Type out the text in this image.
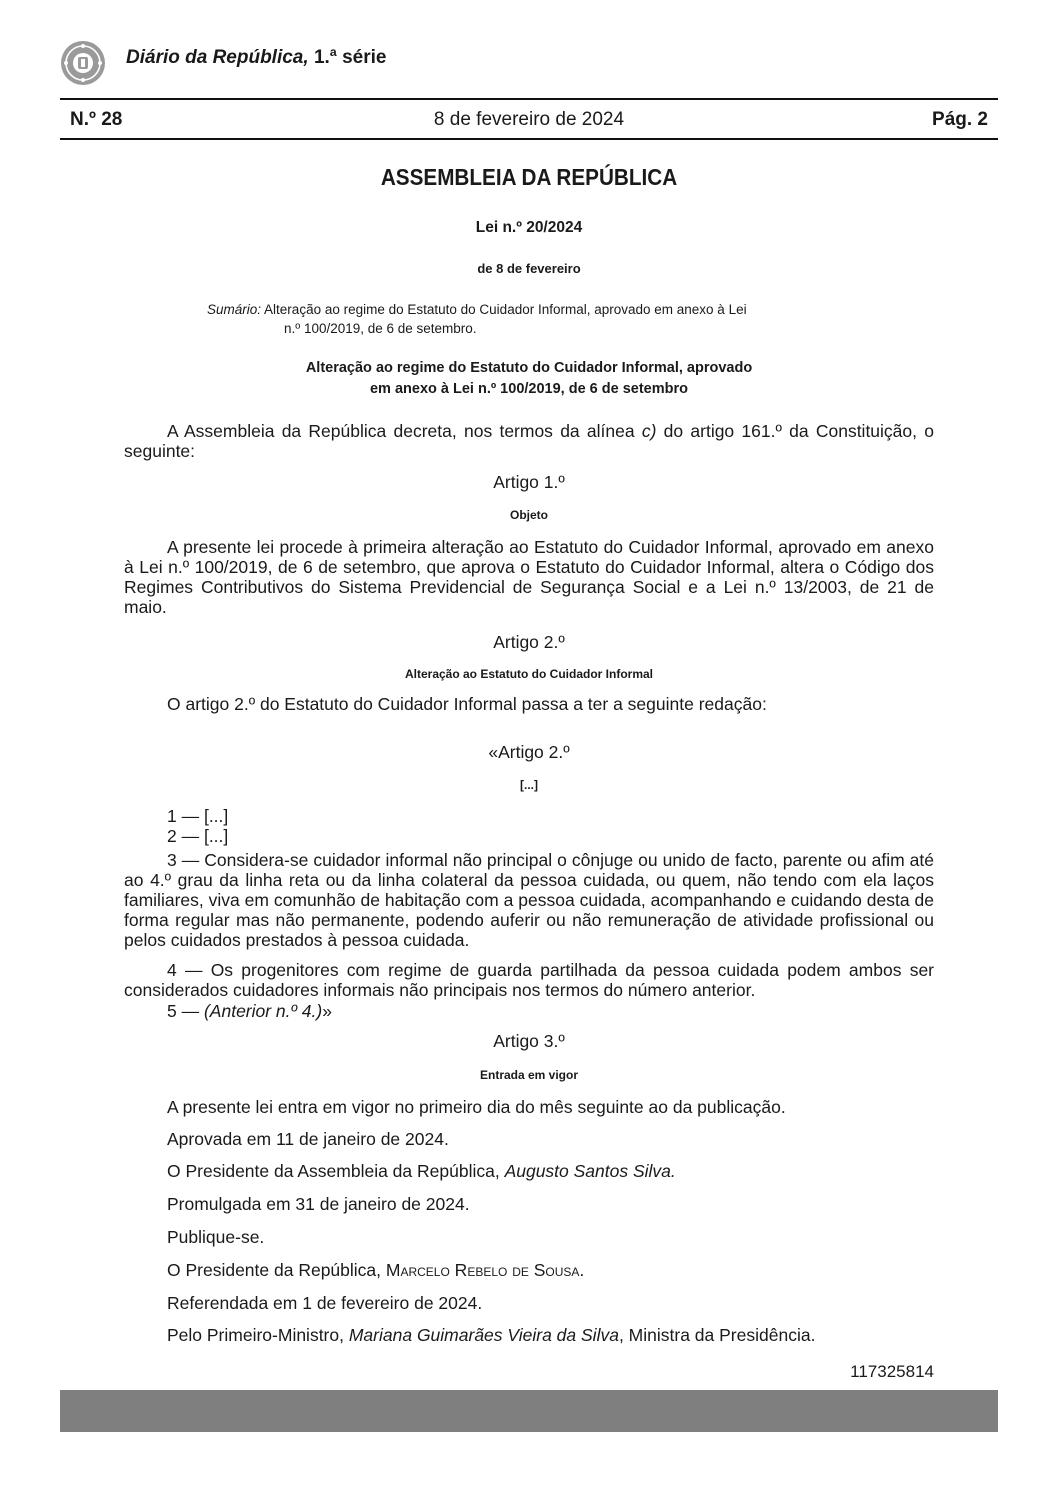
Diário da República, 1.ª série
N.º 28	8 de fevereiro de 2024	Pág. 2
ASSEMBLEIA DA REPÚBLICA
Lei n.º 20/2024
de 8 de fevereiro
Sumário: Alteração ao regime do Estatuto do Cuidador Informal, aprovado em anexo à Lei
n.º 100/2019, de 6 de setembro.
Alteração ao regime do Estatuto do Cuidador Informal, aprovado
em anexo à Lei n.º 100/2019, de 6 de setembro
A Assembleia da República decreta, nos termos da alínea c) do artigo 161.º da Constituição, o seguinte:
Artigo 1.º
Objeto
A presente lei procede à primeira alteração ao Estatuto do Cuidador Informal, aprovado em anexo à Lei n.º 100/2019, de 6 de setembro, que aprova o Estatuto do Cuidador Informal, altera o Código dos Regimes Contributivos do Sistema Previdencial de Segurança Social e a Lei n.º 13/2003, de 21 de maio.
Artigo 2.º
Alteração ao Estatuto do Cuidador Informal
O artigo 2.º do Estatuto do Cuidador Informal passa a ter a seguinte redação:
«Artigo 2.º
[...]
1 — [...]
2 — [...]
3 — Considera-se cuidador informal não principal o cônjuge ou unido de facto, parente ou afim até ao 4.º grau da linha reta ou da linha colateral da pessoa cuidada, ou quem, não tendo com ela laços familiares, viva em comunhão de habitação com a pessoa cuidada, acompanhando e cuidando desta de forma regular mas não permanente, podendo auferir ou não remuneração de atividade profissional ou pelos cuidados prestados à pessoa cuidada.
4 — Os progenitores com regime de guarda partilhada da pessoa cuidada podem ambos ser considerados cuidadores informais não principais nos termos do número anterior.
5 — (Anterior n.º 4.)»
Artigo 3.º
Entrada em vigor
A presente lei entra em vigor no primeiro dia do mês seguinte ao da publicação.
Aprovada em 11 de janeiro de 2024.
O Presidente da Assembleia da República, Augusto Santos Silva.
Promulgada em 31 de janeiro de 2024.
Publique-se.
O Presidente da República, Marcelo Rebelo de Sousa.
Referendada em 1 de fevereiro de 2024.
Pelo Primeiro-Ministro, Mariana Guimarães Vieira da Silva, Ministra da Presidência.
117325814
